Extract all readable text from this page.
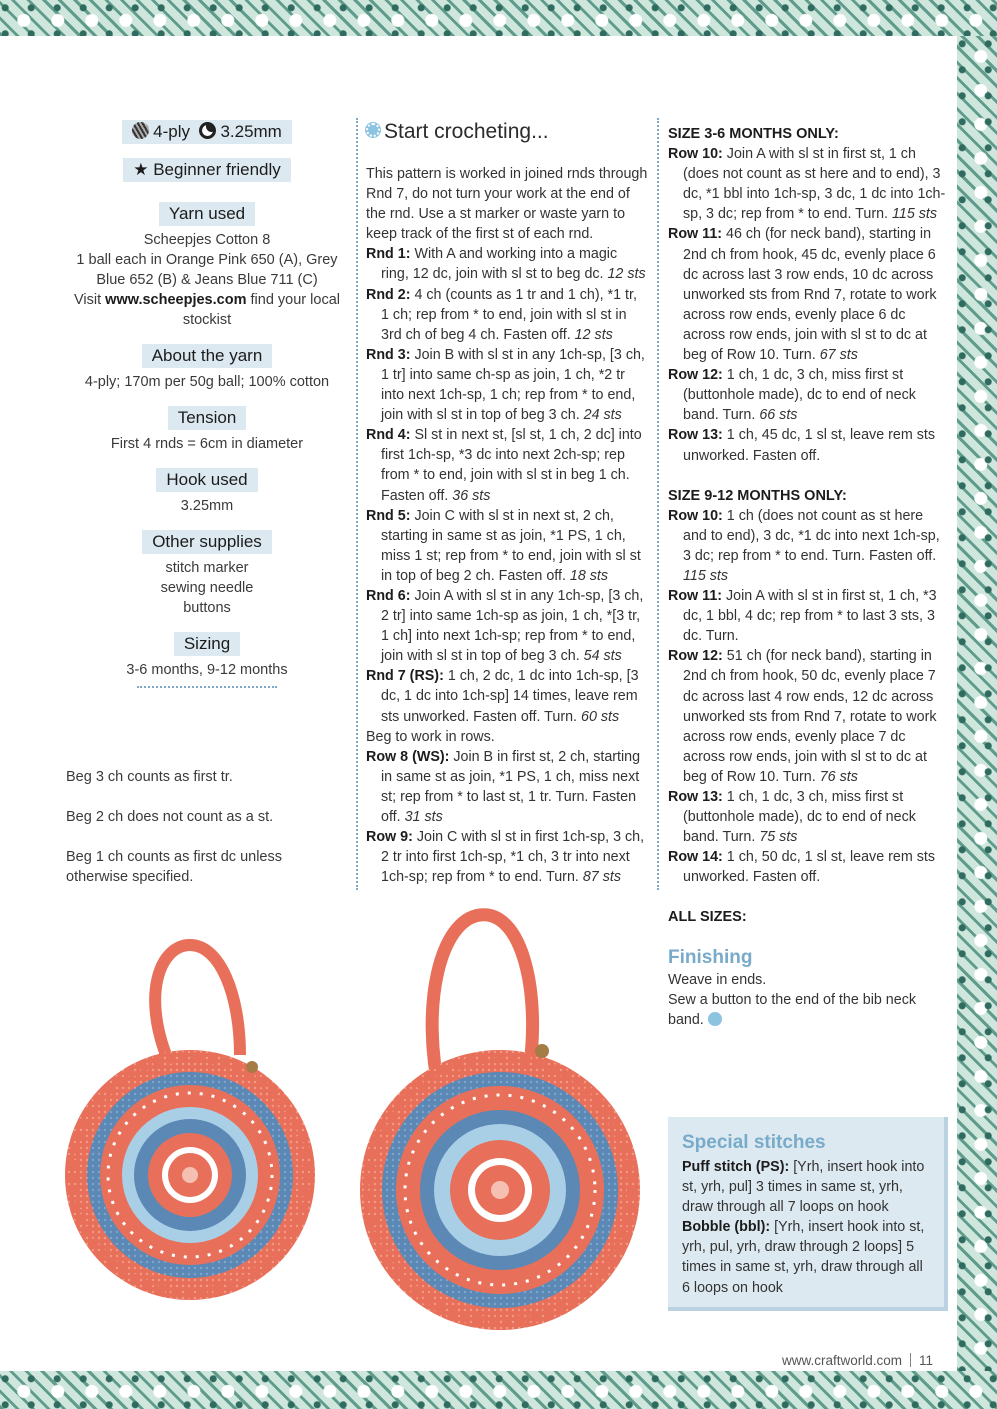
4-ply 3.25mm
★ Beginner friendly
Yarn used
Scheepjes Cotton 8
1 ball each in Orange Pink 650 (A), Grey Blue 652 (B) & Jeans Blue 711 (C)
Visit www.scheepjes.com find your local stockist
About the yarn
4-ply; 170m per 50g ball; 100% cotton
Tension
First 4 rnds = 6cm in diameter
Hook used
3.25mm
Other supplies
stitch marker
sewing needle
buttons
Sizing
3-6 months, 9-12 months

Beg 3 ch counts as first tr.

Beg 2 ch does not count as a st.

Beg 1 ch counts as first dc unless otherwise specified.

Start crocheting...
This pattern is worked in joined rnds through Rnd 7, do not turn your work at the end of the rnd. Use a st marker or waste yarn to keep track of the first st of each rnd.
Rnd 1: With A and working into a magic ring, 12 dc, join with sl st to beg dc. 12 sts
Rnd 2: 4 ch (counts as 1 tr and 1 ch), *1 tr, 1 ch; rep from * to end, join with sl st in 3rd ch of beg 4 ch. Fasten off. 12 sts
Rnd 3: Join B with sl st in any 1ch-sp, [3 ch, 1 tr] into same ch-sp as join, 1 ch, *2 tr into next 1ch-sp, 1 ch; rep from * to end, join with sl st in top of beg 3 ch. 24 sts
Rnd 4: Sl st in next st, [sl st, 1 ch, 2 dc] into first 1ch-sp, *3 dc into next 2ch-sp; rep from * to end, join with sl st in beg 1 ch. Fasten off. 36 sts
Rnd 5: Join C with sl st in next st, 2 ch, starting in same st as join, *1 PS, 1 ch, miss 1 st; rep from * to end, join with sl st in top of beg 2 ch. Fasten off. 18 sts
Rnd 6: Join A with sl st in any 1ch-sp, [3 ch, 2 tr] into same 1ch-sp as join, 1 ch, *[3 tr, 1 ch] into next 1ch-sp; rep from * to end, join with sl st in top of beg 3 ch. 54 sts
Rnd 7 (RS): 1 ch, 2 dc, 1 dc into 1ch-sp, [3 dc, 1 dc into 1ch-sp] 14 times, leave rem sts unworked. Fasten off. Turn. 60 sts
Beg to work in rows.
Row 8 (WS): Join B in first st, 2 ch, starting in same st as join, *1 PS, 1 ch, miss next st; rep from * to last st, 1 tr. Turn. Fasten off. 31 sts
Row 9: Join C with sl st in first 1ch-sp, 3 ch, 2 tr into first 1ch-sp, *1 ch, 3 tr into next 1ch-sp; rep from * to end. Turn. 87 sts
SIZE 3-6 MONTHS ONLY:
Row 10: Join A with sl st in first st, 1 ch (does not count as st here and to end), 3 dc, *1 bbl into 1ch-sp, 3 dc, 1 dc into 1ch-sp, 3 dc; rep from * to end. Turn. 115 sts
Row 11: 46 ch (for neck band), starting in 2nd ch from hook, 45 dc, evenly place 6 dc across last 3 row ends, 10 dc across unworked sts from Rnd 7, rotate to work across row ends, evenly place 6 dc across row ends, join with sl st to dc at beg of Row 10. Turn. 67 sts
Row 12: 1 ch, 1 dc, 3 ch, miss first st (buttonhole made), dc to end of neck band. Turn. 66 sts
Row 13: 1 ch, 45 dc, 1 sl st, leave rem sts unworked. Fasten off.
SIZE 9-12 MONTHS ONLY:
Row 10: 1 ch (does not count as st here and to end), 3 dc, *1 dc into next 1ch-sp, 3 dc; rep from * to end. Turn. Fasten off. 115 sts
Row 11: Join A with sl st in first st, 1 ch, *3 dc, 1 bbl, 4 dc; rep from * to last 3 sts, 3 dc. Turn.
Row 12: 51 ch (for neck band), starting in 2nd ch from hook, 50 dc, evenly place 7 dc across last 4 row ends, 12 dc across unworked sts from Rnd 7, rotate to work across row ends, evenly place 7 dc across row ends, join with sl st to dc at beg of Row 10. Turn. 76 sts
Row 13: 1 ch, 1 dc, 3 ch, miss first st (buttonhole made), dc to end of neck band. Turn. 75 sts
Row 14: 1 ch, 50 dc, 1 sl st, leave rem sts unworked. Fasten off.
ALL SIZES:
Finishing
Weave in ends.
Sew a button to the end of the bib neck band.
Special stitches
Puff stitch (PS): [Yrh, insert hook into st, yrh, pul] 3 times in same st, yrh, draw through all 7 loops on hook
Bobble (bbl): [Yrh, insert hook into st, yrh, pul, yrh, draw through 2 loops] 5 times in same st, yrh, draw through all 6 loops on hook
www.craftworld.com 11
